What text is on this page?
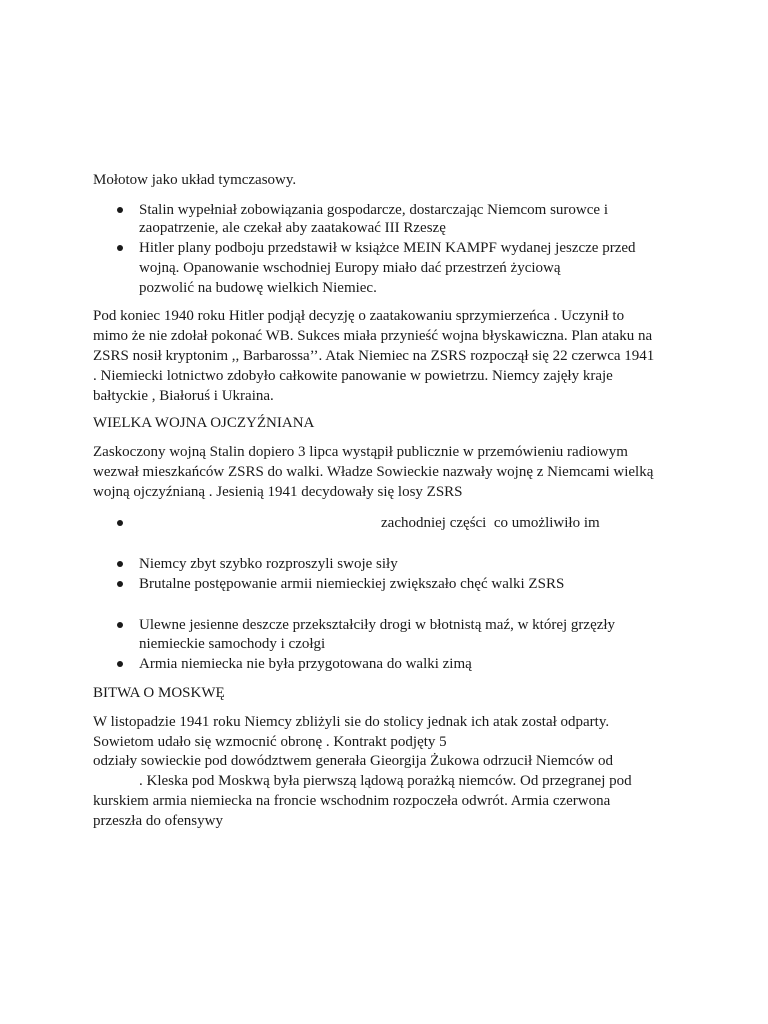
Mołotow jako układ tymczasowy.

Stalin wypełniał zobowiązania gospodarcze, dostarczając Niemcom surowce i

zaopatrzenie, ale czekał aby zaatakować III Rzeszę

Hitler plany podboju przedstawił w książce MEIN KAMPF wydanej jeszcze przed

wojną. Opanowanie wschodniej Europy miało dać przestrzeń życiową

pozwolić na budowę wielkich Niemiec.

Pod koniec 1940 roku Hitler podjął decyzję o zaatakowaniu sprzymierzeńca . Uczynił to

mimo że nie zdołał pokonać WB. Sukces miała przynieść wojna błyskawiczna. Plan ataku na

ZSRS nosił kryptonim ,, Barbarossa’’. Atak Niemiec na ZSRS rozpoczął się 22 czerwca 1941

. Niemiecki lotnictwo zdobyło całkowite panowanie w powietrzu. Niemcy zajęły kraje

bałtyckie , Białoruś i Ukraina.

WIELKA WOJNA OJCZYŹNIANA

Zaskoczony wojną Stalin dopiero 3 lipca wystąpił publicznie w przemówieniu radiowym

wezwał mieszkańców ZSRS do walki. Władze Sowieckie nazwały wojnę z Niemcami wielką

wojną ojczyźnianą . Jesienią 1941 decydowały się losy ZSRS

zachodniej części  co umożliwiło im

Niemcy zbyt szybko rozproszyli swoje siły

Brutalne postępowanie armii niemieckiej zwiększało chęć walki ZSRS

Ulewne jesienne deszcze przekształciły drogi w błotnistą maź, w której grzęzły

niemieckie samochody i czołgi

Armia niemiecka nie była przygotowana do walki zimą

BITWA O MOSKWĘ

W listopadzie 1941 roku Niemcy zbliżyli sie do stolicy jednak ich atak został odparty.

Sowietom udało się wzmocnić obronę . Kontrakt podjęty 5

odziały sowieckie pod dowództwem generała Gieorgija Żukowa odrzucił Niemców od

. Kleska pod Moskwą była pierwszą lądową porażką niemców. Od przegranej pod

kurskiem armia niemiecka na froncie wschodnim rozpoczeła odwrót. Armia czerwona

przeszła do ofensywy
